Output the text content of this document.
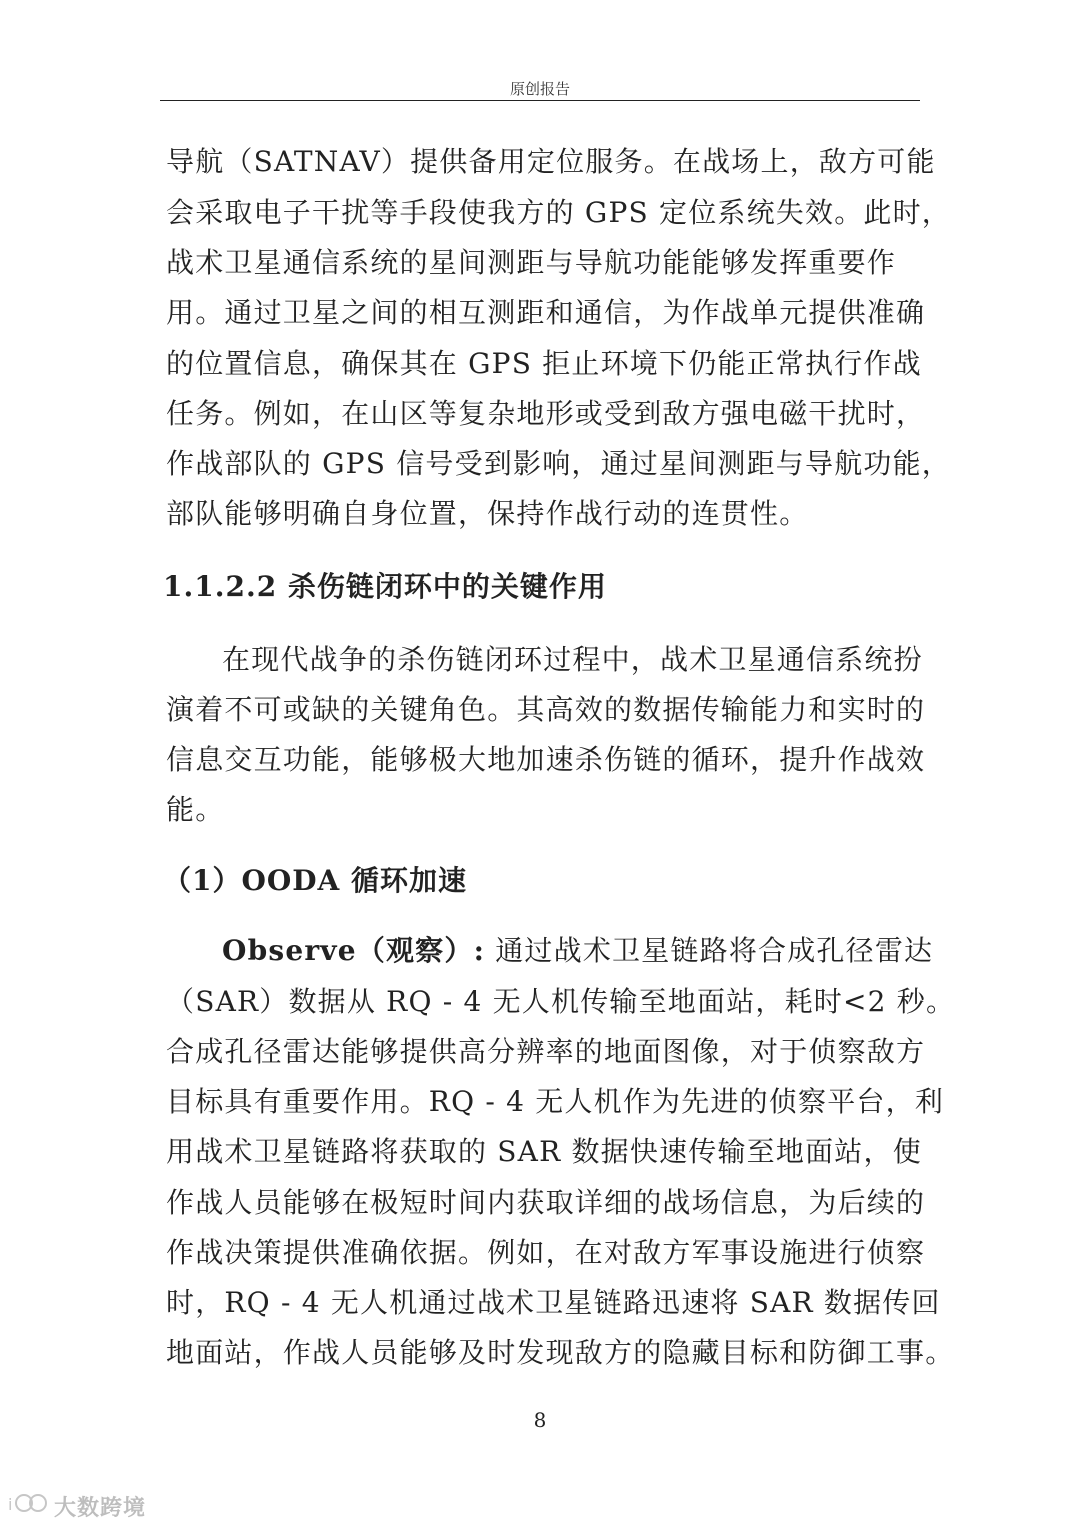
原创报告
导航（SATNAV）提供备用定位服务。在战场上，敌方可能
会采取电子干扰等手段使我方的 GPS 定位系统失效。此时，
战术卫星通信系统的星间测距与导航功能能够发挥重要作
用。通过卫星之间的相互测距和通信，为作战单元提供准确
的位置信息，确保其在 GPS 拒止环境下仍能正常执行作战
任务。例如，在山区等复杂地形或受到敌方强电磁干扰时，
作战部队的 GPS 信号受到影响，通过星间测距与导航功能，
部队能够明确自身位置，保持作战行动的连贯性。
1.1.2.2 杀伤链闭环中的关键作用
在现代战争的杀伤链闭环过程中，战术卫星通信系统扮
演着不可或缺的关键角色。其高效的数据传输能力和实时的
信息交互功能，能够极大地加速杀伤链的循环，提升作战效
能。
（1）OODA 循环加速
Observe（观察）: 通过战术卫星链路将合成孔径雷达
（SAR）数据从 RQ - 4 无人机传输至地面站，耗时<2 秒。
合成孔径雷达能够提供高分辨率的地面图像，对于侦察敌方
目标具有重要作用。RQ - 4 无人机作为先进的侦察平台，利
用战术卫星链路将获取的 SAR 数据快速传输至地面站，使
作战人员能够在极短时间内获取详细的战场信息，为后续的
作战决策提供准确依据。例如，在对敌方军事设施进行侦察
时，RQ - 4 无人机通过战术卫星链路迅速将 SAR 数据传回
地面站，作战人员能够及时发现敌方的隐藏目标和防御工事。
8
i 大数跨境
